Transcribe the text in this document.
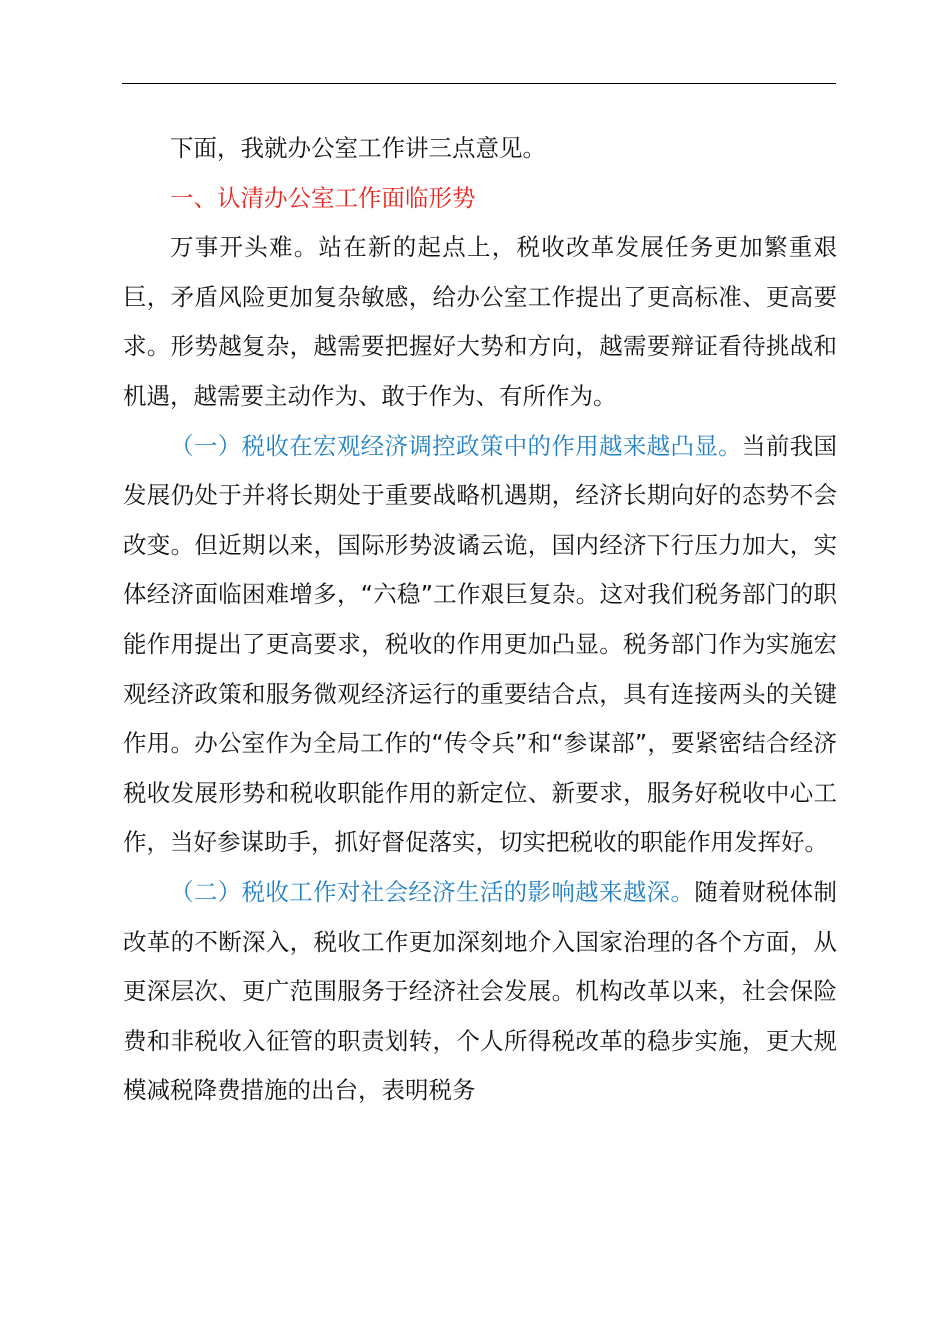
下面，我就办公室工作讲三点意见。

一、认清办公室工作面临形势

万事开头难。站在新的起点上，税收改革发展任务更加繁重艰巨，矛盾风险更加复杂敏感，给办公室工作提出了更高标准、更高要求。形势越复杂，越需要把握好大势和方向，越需要辩证看待挑战和机遇，越需要主动作为、敢于作为、有所作为。

（一）税收在宏观经济调控政策中的作用越来越凸显。当前我国发展仍处于并将长期处于重要战略机遇期，经济长期向好的态势不会改变。但近期以来，国际形势波谲云诡，国内经济下行压力加大，实体经济面临困难增多，“六稳”工作艰巨复杂。这对我们税务部门的职能作用提出了更高要求，税收的作用更加凸显。税务部门作为实施宏观经济政策和服务微观经济运行的重要结合点，具有连接两头的关键作用。办公室作为全局工作的“传令兵”和“参谋部”，要紧密结合经济税收发展形势和税收职能作用的新定位、新要求，服务好税收中心工作，当好参谋助手，抓好督促落实，切实把税收的职能作用发挥好。

（二）税收工作对社会经济生活的影响越来越深。随着财税体制改革的不断深入，税收工作更加深刻地介入国家治理的各个方面，从更深层次、更广范围服务于经济社会发展。机构改革以来，社会保险费和非税收入征管的职责划转，个人所得税改革的稳步实施，更大规模减税降费措施的出台，表明税务
